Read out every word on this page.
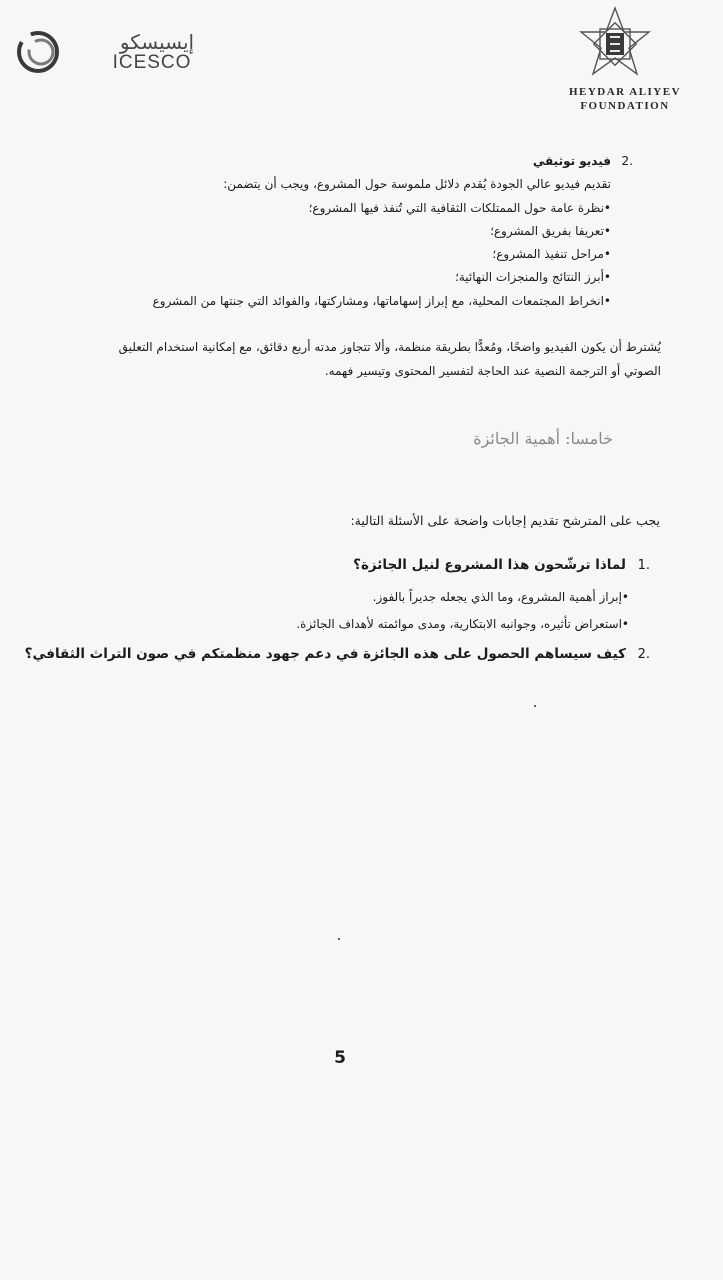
إيسيسكو
ICESCO
HEYDAR ALIYEV
FOUNDATION
فيديو توثيقي 2.
تقديم فيديو عالي الجودة يُقدم دلائل ملموسة حول المشروع، ويجب أن يتضمن:
•نظرة عامة حول الممتلكات الثقافية التي تُنفذ فيها المشروع؛
•تعريفا بفريق المشروع؛
•مراحل تنفيذ المشروع؛
•أبرز النتائج والمنجزات النهائية؛
•انخراط المجتمعات المحلية، مع إبراز إسهاماتها، ومشاركتها، والفوائد التي جنتها من المشروع
يُشترط أن يكون الفيديو واضحًا، ومُعدًّا بطريقة منظمة، وألا تتجاوز مدته أربع دقائق، مع إمكانية استخدام التعليق
الصوتي أو الترجمة النصية عند الحاجة لتفسير المحتوى وتيسير فهمه.
خامسا: أهمية الجائزة
يجب على المترشح تقديم إجابات واضحة على الأسئلة التالية:
1.
لماذا ترشّحون هذا المشروع لنيل الجائزة؟
•إبراز أهمية المشروع، وما الذي يجعله جديراً بالفوز.
•استعراض تأثيره، وجوانبه الابتكارية، ومدى موائمته لأهداف الجائزة.
2.
كيف سيساهم الحصول على هذه الجائزة في دعم جهود منظمتكم في صون التراث الثقافي؟
5
